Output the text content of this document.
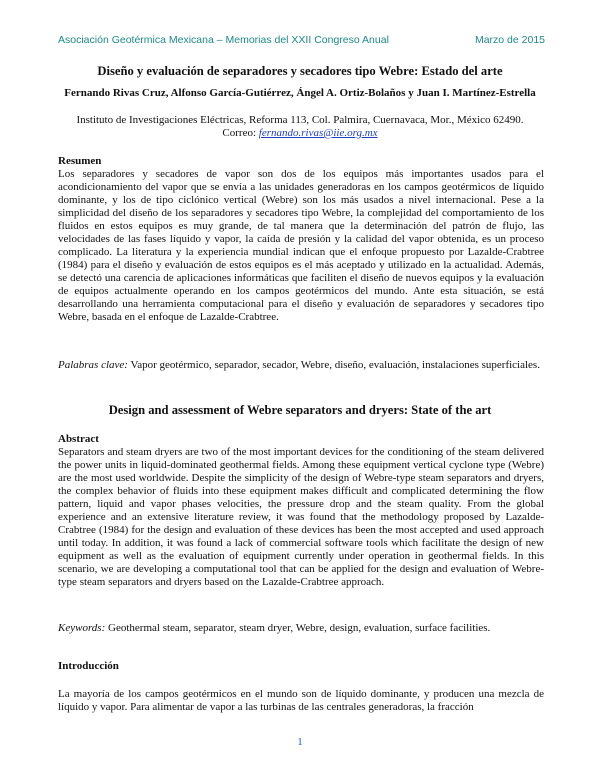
Asociación Geotérmica Mexicana – Memorias del XXII Congreso Anual	Marzo de 2015
Diseño y evaluación de separadores y secadores tipo Webre: Estado del arte
Fernando Rivas Cruz, Alfonso García-Gutiérrez, Ángel A. Ortiz-Bolaños y Juan I. Martínez-Estrella
Instituto de Investigaciones Eléctricas, Reforma 113, Col. Palmira, Cuernavaca, Mor., México 62490.
Correo: fernando.rivas@iie.org.mx
Resumen
Los separadores y secadores de vapor son dos de los equipos más importantes usados para el acondicionamiento del vapor que se envía a las unidades generadoras en los campos geotérmicos de líquido dominante, y los de tipo ciclónico vertical (Webre) son los más usados a nivel internacional. Pese a la simplicidad del diseño de los separadores y secadores tipo Webre, la complejidad del comportamiento de los fluidos en estos equipos es muy grande, de tal manera que la determinación del patrón de flujo, las velocidades de las fases líquido y vapor, la caída de presión y la calidad del vapor obtenida, es un proceso complicado. La literatura y la experiencia mundial indican que el enfoque propuesto por Lazalde-Crabtree (1984) para el diseño y evaluación de estos equipos es el más aceptado y utilizado en la actualidad. Además, se detectó una carencia de aplicaciones informáticas que faciliten el diseño de nuevos equipos y la evaluación de equipos actualmente operando en los campos geotérmicos del mundo. Ante esta situación, se está desarrollando una herramienta computacional para el diseño y evaluación de separadores y secadores tipo Webre, basada en el enfoque de Lazalde-Crabtree.
Palabras clave: Vapor geotérmico, separador, secador, Webre, diseño, evaluación, instalaciones superficiales.
Design and assessment of Webre separators and dryers: State of the art
Abstract
Separators and steam dryers are two of the most important devices for the conditioning of the steam delivered the power units in liquid-dominated geothermal fields. Among these equipment vertical cyclone type (Webre) are the most used worldwide. Despite the simplicity of the design of Webre-type steam separators and dryers, the complex behavior of fluids into these equipment makes difficult and complicated determining the flow pattern, liquid and vapor phases velocities, the pressure drop and the steam quality. From the global experience and an extensive literature review, it was found that the methodology proposed by Lazalde-Crabtree (1984) for the design and evaluation of these devices has been the most accepted and used approach until today. In addition, it was found a lack of commercial software tools which facilitate the design of new equipment as well as the evaluation of equipment currently under operation in geothermal fields. In this scenario, we are developing a computational tool that can be applied for the design and evaluation of Webre-type steam separators and dryers based on the Lazalde-Crabtree approach.
Keywords: Geothermal steam, separator, steam dryer, Webre, design, evaluation, surface facilities.
Introducción
La mayoría de los campos geotérmicos en el mundo son de líquido dominante, y producen una mezcla de líquido y vapor. Para alimentar de vapor a las turbinas de las centrales generadoras, la fracción
1
